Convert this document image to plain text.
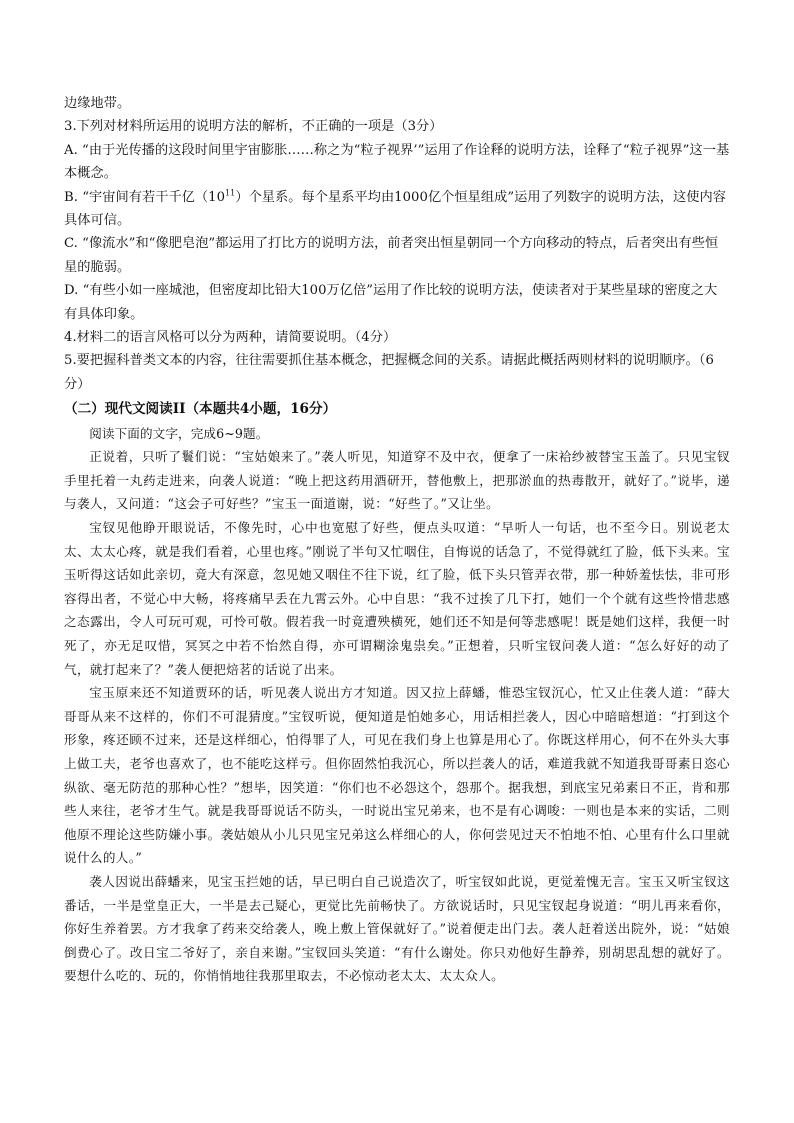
边缘地带。

3.下列对材料所运用的说明方法的解析，不正确的一项是（3分）

A. “由于光传播的这段时间里宇宙膨胀……称之为“粒子视界’”运用了作诠释的说明方法，诠释了“粒子视界”这一基本概念。

B. “宇宙间有若干千亿$(10^{11})$个星系。每个星系平均由1000亿个恒星组成”运用了列数字的说明方法，这使内容具体可信。

C. “像流水”和“像肥皂泡”都运用了打比方的说明方法，前者突出恒星朝同一个方向移动的特点，后者突出有些恒星的脆弱。

D. “有些小如一座城池，但密度却比铅大100万亿倍”运用了作比较的说明方法，使读者对于某些星球的密度之大有具体印象。

4.材料二的语言风格可以分为两种，请简要说明。（4分）

5.要把握科普类文本的内容，往往需要抓住基本概念，把握概念间的关系。请据此概括两则材料的说明顺序。（6分）

（二）现代文阅读II（本题共4小题，16分）

阅读下面的文字，完成6~9题。

正说着，只听了鬟们说：“宝姑娘来了。”袭人听见，知道穿不及中衣，便拿了一床袷纱被替宝玉盖了。只见宝钗手里托着一丸药走进来，向袭人说道：“晚上把这药用酒研开，替他敷上，把那淤血的热毒散开，就好了。”说毕，递与袭人，又问道：“这会子可好些？”宝玉一面道谢，说：“好些了。”又让坐。

宝钗见他睁开眼说话，不像先时，心中也宽慰了好些，便点头叹道：“早听人一句话，也不至今日。别说老太太、太太心疼，就是我们看着，心里也疼。”刚说了半句又忙咽住，自悔说的话急了，不觉得就红了脸，低下头来。宝玉听得这话如此亲切，竟大有深意，忽见她又咽住不往下说，红了脸，低下头只管弄衣带，那一种娇羞怯怯，非可形容得出者，不觉心中大畅，将疼痛早丢在九霄云外。心中自思：“我不过挨了几下打，她们一个个就有这些怜惜悲感之态露出，令人可玩可观，可怜可敬。假若我一时竟遭殃横死，她们还不知是何等悲感呢！既是她们这样，我便一时死了，亦无足叹惜，冥冥之中若不怡然自得，亦可谓糊涂鬼祟矣。”正想着，只听宝钗问袭人道：“怎么好好的动了气，就打起来了？”袭人便把焙茗的话说了出来。

宝玉原来还不知道贾环的话，听见袭人说出方才知道。因又拉上薛蟠，惟恐宝钗沉心，忙又止住袭人道：“薛大哥哥从来不这样的，你们不可混猜度。”宝钗听说，便知道是怕她多心，用话相拦袭人，因心中暗暗想道：“打到这个形象，疼还顾不过来，还是这样细心，怕得罪了人，可见在我们身上也算是用心了。你既这样用心，何不在外头大事上做工夫，老爷也喜欢了，也不能吃这样亏。但你固然怕我沉心，所以拦袭人的话，难道我就不知道我哥哥素日恣心纵欲、毫无防范的那种心性？”想毕，因笑道：“你们也不必怨这个，怨那个。据我想，到底宝兄弟素日不正，肯和那些人来往，老爷才生气。就是我哥哥说话不防头，一时说出宝兄弟来，也不是有心调唆：一则也是本来的实话，二则他原不理论这些防嫌小事。袭姑娘从小儿只见宝兄弟这么样细心的人，你何尝见过天不怕地不怕、心里有什么口里就说什么的人。”

袭人因说出薛蟠来，见宝玉拦她的话，早已明白自己说造次了，听宝钗如此说，更觉羞愧无言。宝玉又听宝钗这番话，一半是堂皇正大，一半是去己疑心，更觉比先前畅快了。方欲说话时，只见宝钗起身说道：“明儿再来看你，你好生养着罢。方才我拿了药来交给袭人，晚上敷上管保就好了。”说着便走出门去。袭人赶着送出院外，说：“姑娘倒费心了。改日宝二爷好了，亲自来谢。”宝钗回头笑道：“有什么谢处。你只劝他好生静养，别胡思乱想的就好了。要想什么吃的、玩的，你悄悄地往我那里取去，不必惊动老太太、太太众人。
